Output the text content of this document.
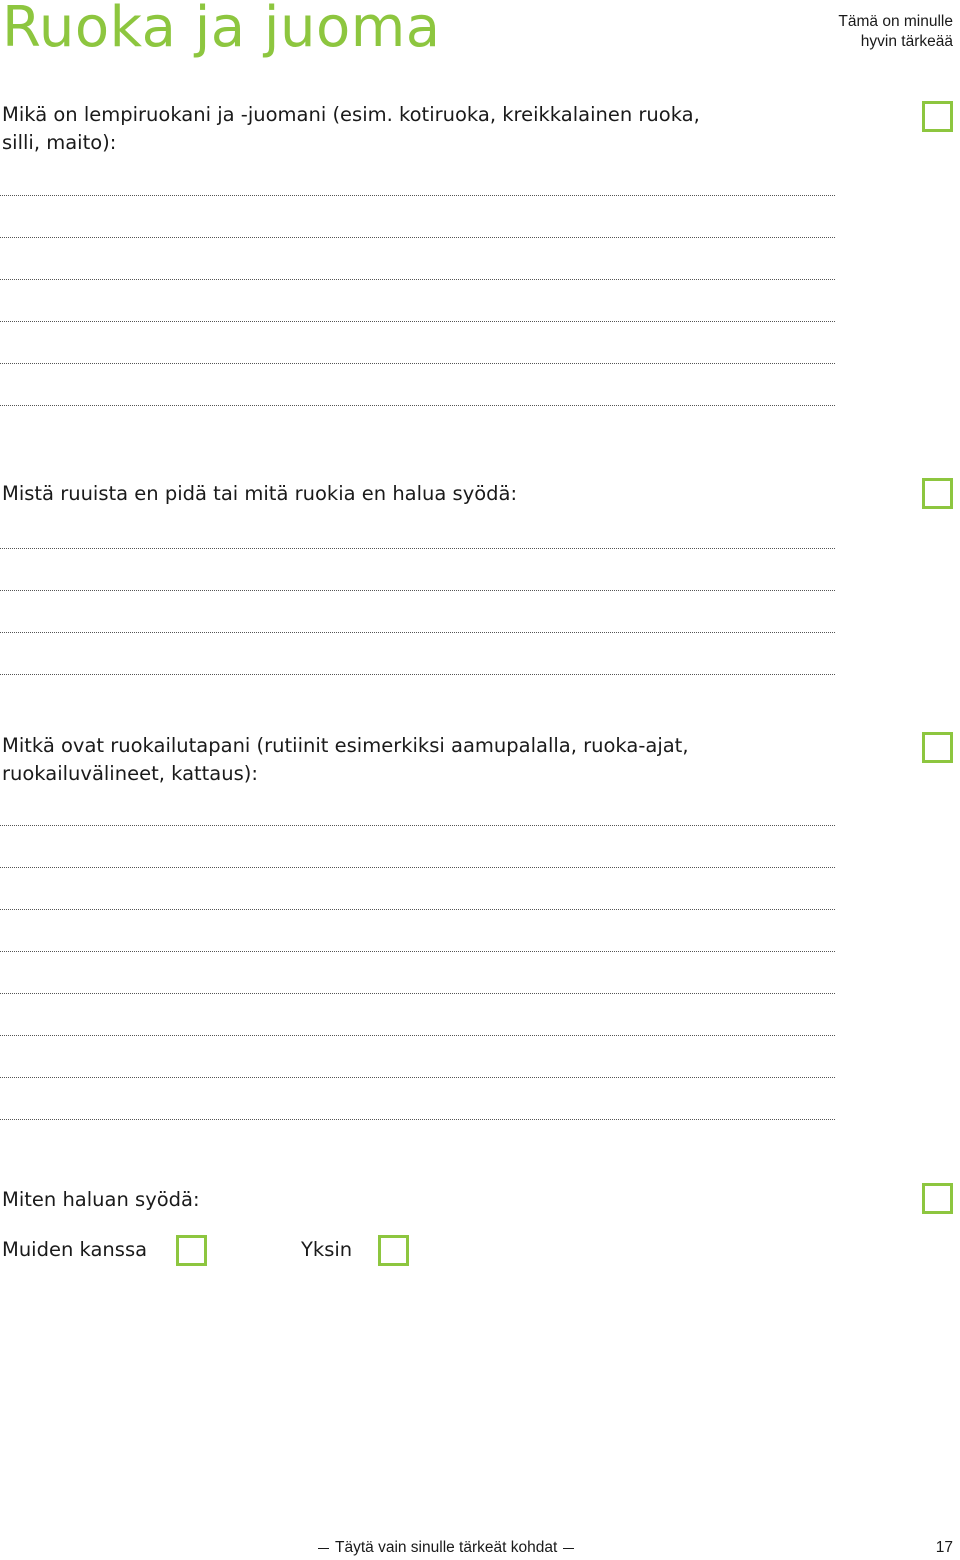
Ruoka ja juoma	Tämä on minulle
hyvin tärkeää
Mikä on lempiruokani ja -juomani (esim. kotiruoka, kreikkalainen ruoka,
silli, maito):
Mistä ruuista en pidä tai mitä ruokia en halua syödä:
Mitkä ovat ruokailutapani (rutiinit esimerkiksi aamupalalla, ruoka-ajat,
ruokailuvälineet, kattaus):
Miten haluan syödä:
Muiden kanssa	Yksin
Täytä vain sinulle tärkeät kohdat	17
